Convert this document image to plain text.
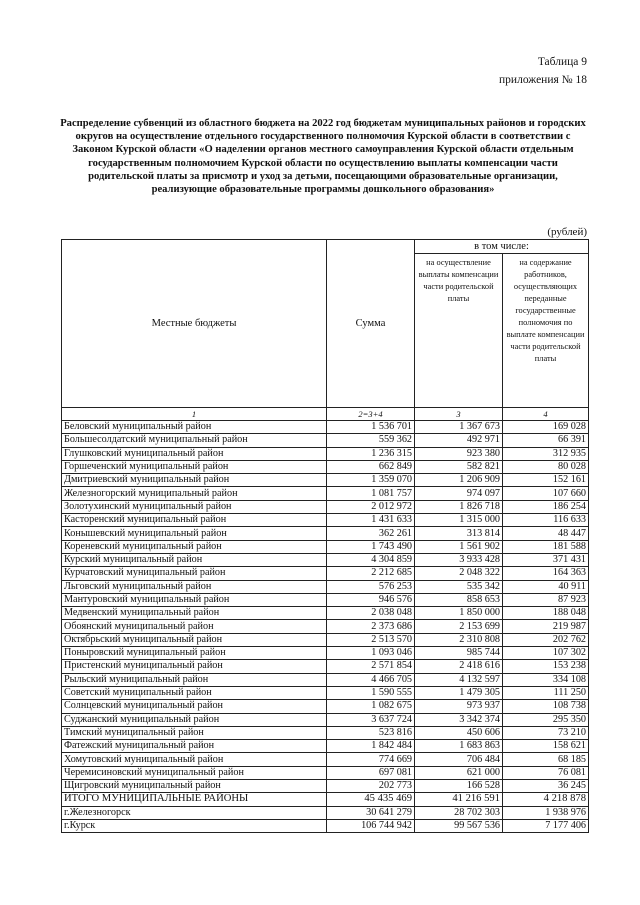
Таблица 9
приложения № 18
Распределение субвенций из областного бюджета на 2022 год бюджетам муниципальных районов и городских округов на осуществление отдельного государственного полномочия Курской области в соответствии с Законом Курской области «О наделении органов местного самоуправления Курской области отдельным государственным полномочием Курской области по осуществлению выплаты компенсации части родительской платы за присмотр и уход за детьми, посещающими образовательные организации, реализующие образовательные программы дошкольного образования»
(рублей)
Местные бюджеты	Сумма	в том числе:	
		на осуществление выплаты компенсации части родительской платы	на содержание работников, осуществляющих переданные государственные полномочия по выплате компенсации части родительской платы
1	2=3+4	3	4
Беловский муниципальный район	1 536 701	1 367 673	169 028
Большесолдатский муниципальный район	559 362	492 971	66 391
Глушковский муниципальный район	1 236 315	923 380	312 935
Горшеченский муниципальный район	662 849	582 821	80 028
Дмитриевский муниципальный район	1 359 070	1 206 909	152 161
Железногорский муниципальный район	1 081 757	974 097	107 660
Золотухинский муниципальный район	2 012 972	1 826 718	186 254
Касторенский муниципальный район	1 431 633	1 315 000	116 633
Конышевский муниципальный район	362 261	313 814	48 447
Кореневский муниципальный район	1 743 490	1 561 902	181 588
Курский муниципальный район	4 304 859	3 933 428	371 431
Курчатовский муниципальный район	2 212 685	2 048 322	164 363
Льговский муниципальный район	576 253	535 342	40 911
Мантуровский муниципальный район	946 576	858 653	87 923
Медвенский муниципальный район	2 038 048	1 850 000	188 048
Обоянский муниципальный район	2 373 686	2 153 699	219 987
Октябрьский муниципальный район	2 513 570	2 310 808	202 762
Поныровский муниципальный район	1 093 046	985 744	107 302
Пристенский муниципальный район	2 571 854	2 418 616	153 238
Рыльский муниципальный район	4 466 705	4 132 597	334 108
Советский муниципальный район	1 590 555	1 479 305	111 250
Солнцевский муниципальный район	1 082 675	973 937	108 738
Суджанский муниципальный район	3 637 724	3 342 374	295 350
Тимский муниципальный район	523 816	450 606	73 210
Фатежский муниципальный район	1 842 484	1 683 863	158 621
Хомутовский муниципальный район	774 669	706 484	68 185
Черемисиновский муниципальный район	697 081	621 000	76 081
Щигровский муниципальный район	202 773	166 528	36 245
ИТОГО МУНИЦИПАЛЬНЫЕ РАЙОНЫ	45 435 469	41 216 591	4 218 878
г.Железногорск	30 641 279	28 702 303	1 938 976
г.Курск	106 744 942	99 567 536	7 177 406
